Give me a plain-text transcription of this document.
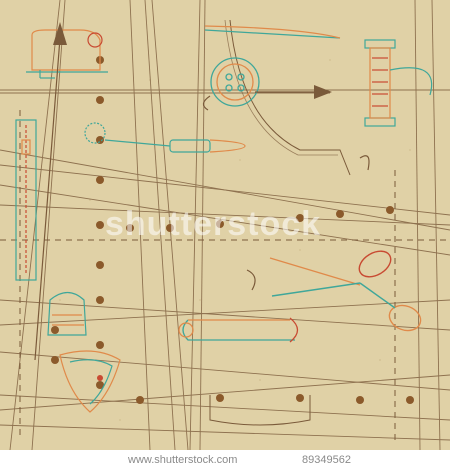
shutterstock
www.shutterstock.com	89349562
